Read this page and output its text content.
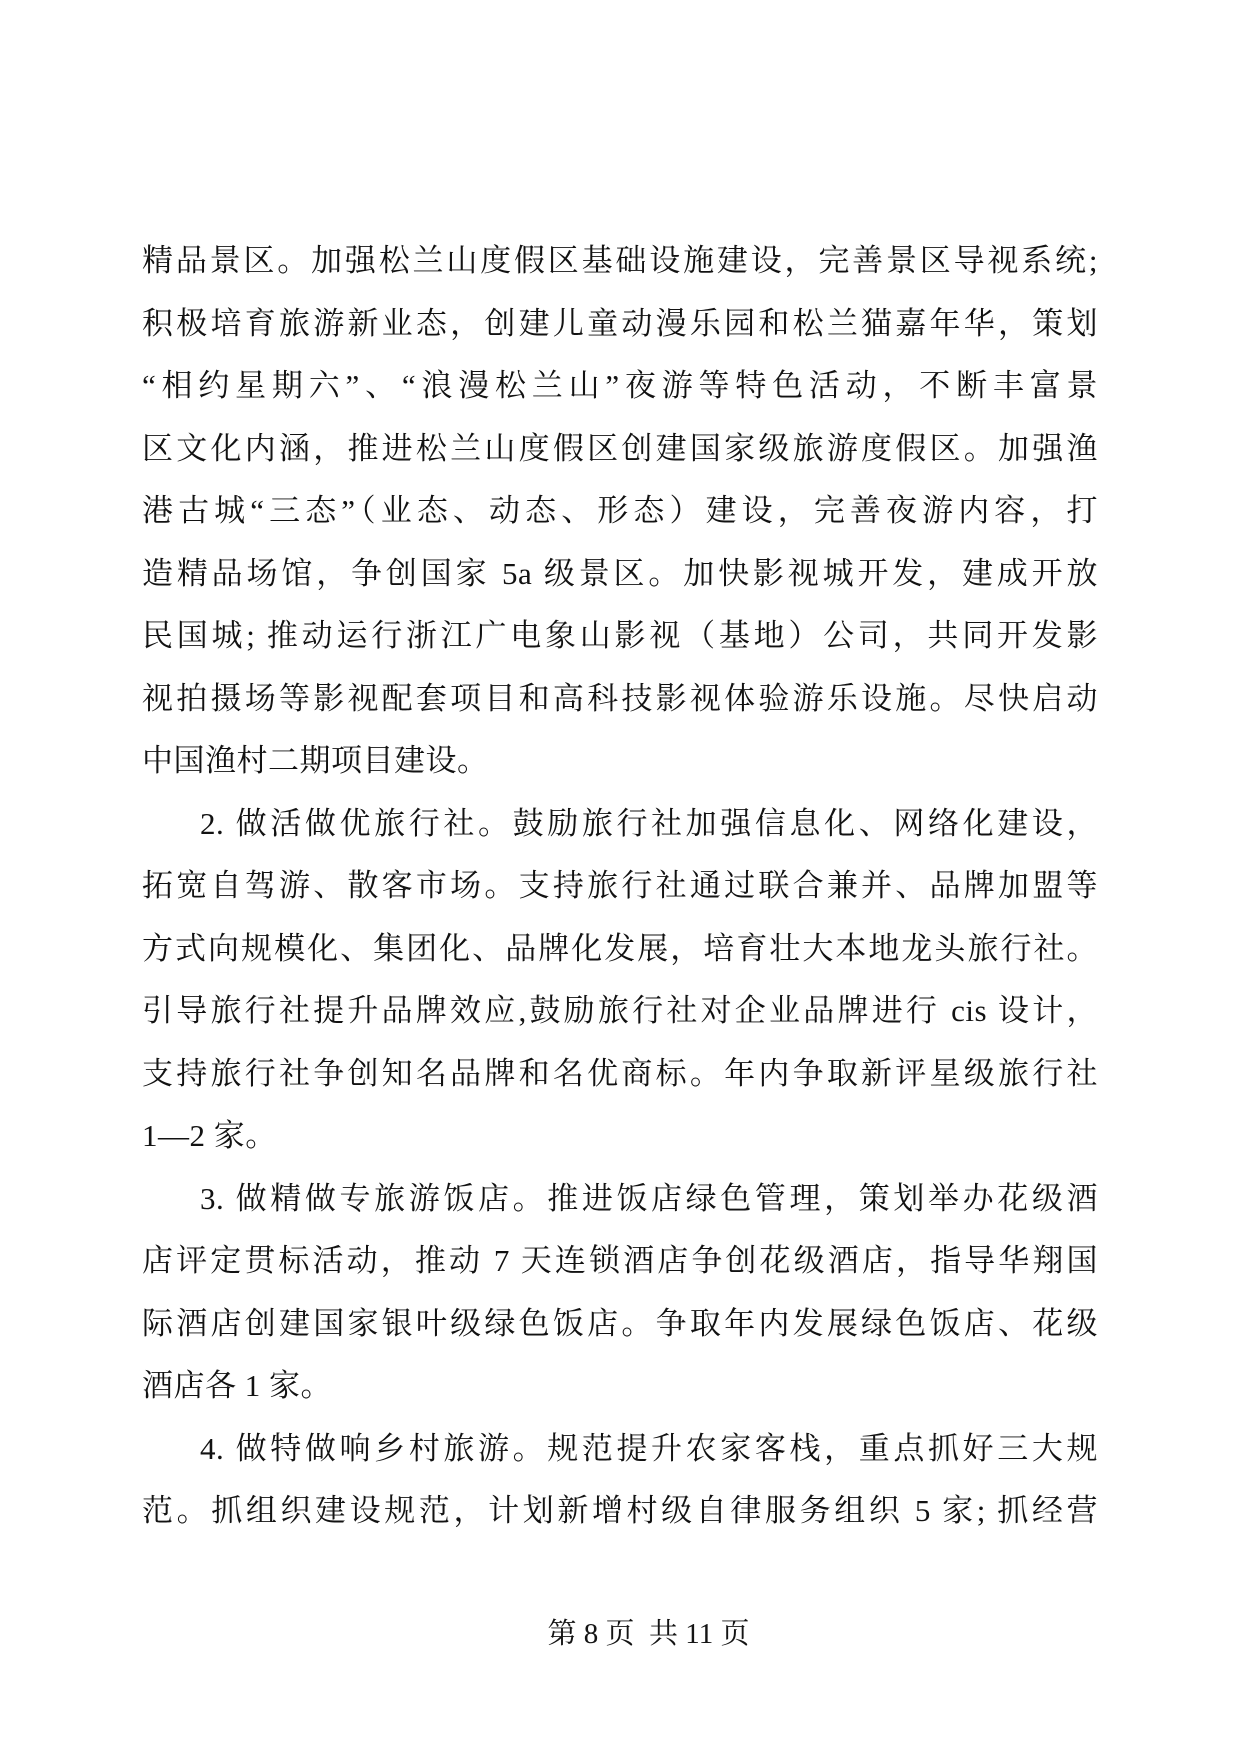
精品景区。加强松兰山度假区基础设施建设，完善景区导视系统;
积极培育旅游新业态，创建儿童动漫乐园和松兰猫嘉年华，策划
“相约星期六”、“浪漫松兰山”夜游等特色活动，不断丰富景
区文化内涵，推进松兰山度假区创建国家级旅游度假区。加强渔
港古城“三态”（业态、动态、形态）建设，完善夜游内容，打
造精品场馆，争创国家 5a 级景区。加快影视城开发，建成开放
民国城; 推动运行浙江广电象山影视（基地）公司，共同开发影
视拍摄场等影视配套项目和高科技影视体验游乐设施。尽快启动
中国渔村二期项目建设。
2. 做活做优旅行社。鼓励旅行社加强信息化、网络化建设，
拓宽自驾游、散客市场。支持旅行社通过联合兼并、品牌加盟等
方式向规模化、集团化、品牌化发展，培育壮大本地龙头旅行社。
引导旅行社提升品牌效应,鼓励旅行社对企业品牌进行 cis 设计，
支持旅行社争创知名品牌和名优商标。年内争取新评星级旅行社
1—2 家。
3. 做精做专旅游饭店。推进饭店绿色管理，策划举办花级酒
店评定贯标活动，推动 7 天连锁酒店争创花级酒店，指导华翔国
际酒店创建国家银叶级绿色饭店。争取年内发展绿色饭店、花级
酒店各 1 家。
4. 做特做响乡村旅游。规范提升农家客栈，重点抓好三大规
范。抓组织建设规范，计划新增村级自律服务组织 5 家; 抓经营
第 8 页  共 11 页
